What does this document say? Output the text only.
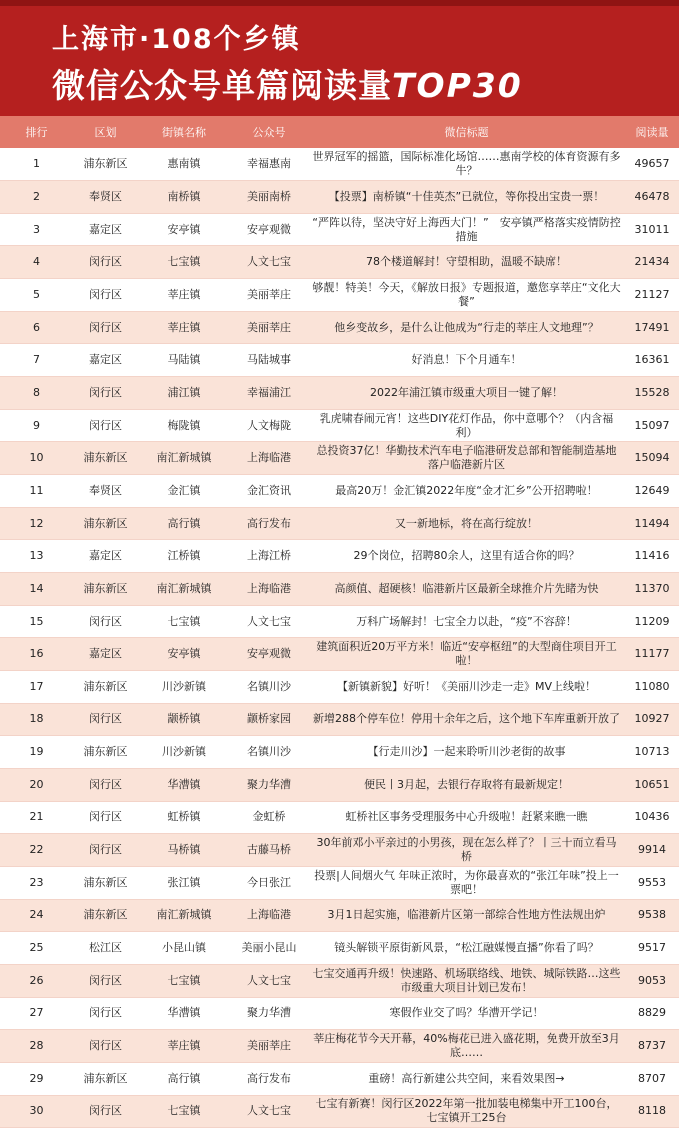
上海市·108个乡镇
微信公众号单篇阅读量TOP30
排行	区划	街镇名称	公众号	微信标题	阅读量
1	浦东新区	惠南镇	幸福惠南	世界冠军的摇篮，国际标准化场馆……惠南学校的体育资源有多牛？	49657
2	奉贤区	南桥镇	美丽南桥	【投票】南桥镇“十佳英杰”已就位，等你投出宝贵一票！	46478
3	嘉定区	安亭镇	安亭观微	“严阵以待，坚决守好上海西大门！”　安亭镇严格落实疫情防控措施	31011
4	闵行区	七宝镇	人文七宝	78个楼道解封！守望相助，温暖不缺席！	21434
5	闵行区	莘庄镇	美丽莘庄	够靓！特美！今天，《解放日报》专题报道，邀您享莘庄“文化大餐”	21127
6	闵行区	莘庄镇	美丽莘庄	他乡变故乡，是什么让他成为“行走的莘庄人文地理”？	17491
7	嘉定区	马陆镇	马陆城事	好消息！下个月通车！	16361
8	闵行区	浦江镇	幸福浦江	2022年浦江镇市级重大项目一键了解！	15528
9	闵行区	梅陇镇	人文梅陇	乳虎啸春闹元宵！这些DIY花灯作品，你中意哪个？（内含福利）	15097
10	浦东新区	南汇新城镇	上海临港	总投资37亿！华勤技术汽车电子临港研发总部和智能制造基地落户临港新片区	15094
11	奉贤区	金汇镇	金汇资讯	最高20万！金汇镇2022年度“金才汇乡”公开招聘啦！	12649
12	浦东新区	高行镇	高行发布	又一新地标，将在高行绽放！	11494
13	嘉定区	江桥镇	上海江桥	29个岗位，招聘80余人，这里有适合你的吗？	11416
14	浦东新区	南汇新城镇	上海临港	高颜值、超硬核！临港新片区最新全球推介片先睹为快	11370
15	闵行区	七宝镇	人文七宝	万科广场解封！七宝全力以赴，“疫”不容辞！	11209
16	嘉定区	安亭镇	安亭观微	建筑面积近20万平方米！临近“安亭枢纽”的大型商住项目开工啦！	11177
17	浦东新区	川沙新镇	名镇川沙	【新镇新貌】好听！《美丽川沙走一走》MV上线啦！	11080
18	闵行区	颛桥镇	颛桥家园	新增288个停车位！停用十余年之后，这个地下车库重新开放了	10927
19	浦东新区	川沙新镇	名镇川沙	【行走川沙】一起来聆听川沙老街的故事	10713
20	闵行区	华漕镇	聚力华漕	便民丨3月起，去银行存取将有最新规定！	10651
21	闵行区	虹桥镇	金虹桥	虹桥社区事务受理服务中心升级啦！赶紧来瞧一瞧	10436
22	闵行区	马桥镇	古藤马桥	30年前邓小平亲过的小男孩，现在怎么样了？丨三十而立看马桥	9914
23	浦东新区	张江镇	今日张江	投票|人间烟火气 年味正浓时，为你最喜欢的“张江年味”投上一票吧！	9553
24	浦东新区	南汇新城镇	上海临港	3月1日起实施，临港新片区第一部综合性地方性法规出炉	9538
25	松江区	小昆山镇	美丽小昆山	镜头解锁平原街新风景，“松江融媒慢直播”你看了吗？	9517
26	闵行区	七宝镇	人文七宝	七宝交通再升级！快速路、机场联络线、地铁、城际铁路…这些市级重大项目计划已发布！	9053
27	闵行区	华漕镇	聚力华漕	寒假作业交了吗？华漕开学记！	8829
28	闵行区	莘庄镇	美丽莘庄	莘庄梅花节今天开幕，40%梅花已进入盛花期，免费开放至3月底……	8737
29	浦东新区	高行镇	高行发布	重磅！高行新建公共空间，来看效果图→	8707
30	闵行区	七宝镇	人文七宝	七宝有新赛！闵行区2022年第一批加装电梯集中开工100台，七宝镇开工25台	8118
